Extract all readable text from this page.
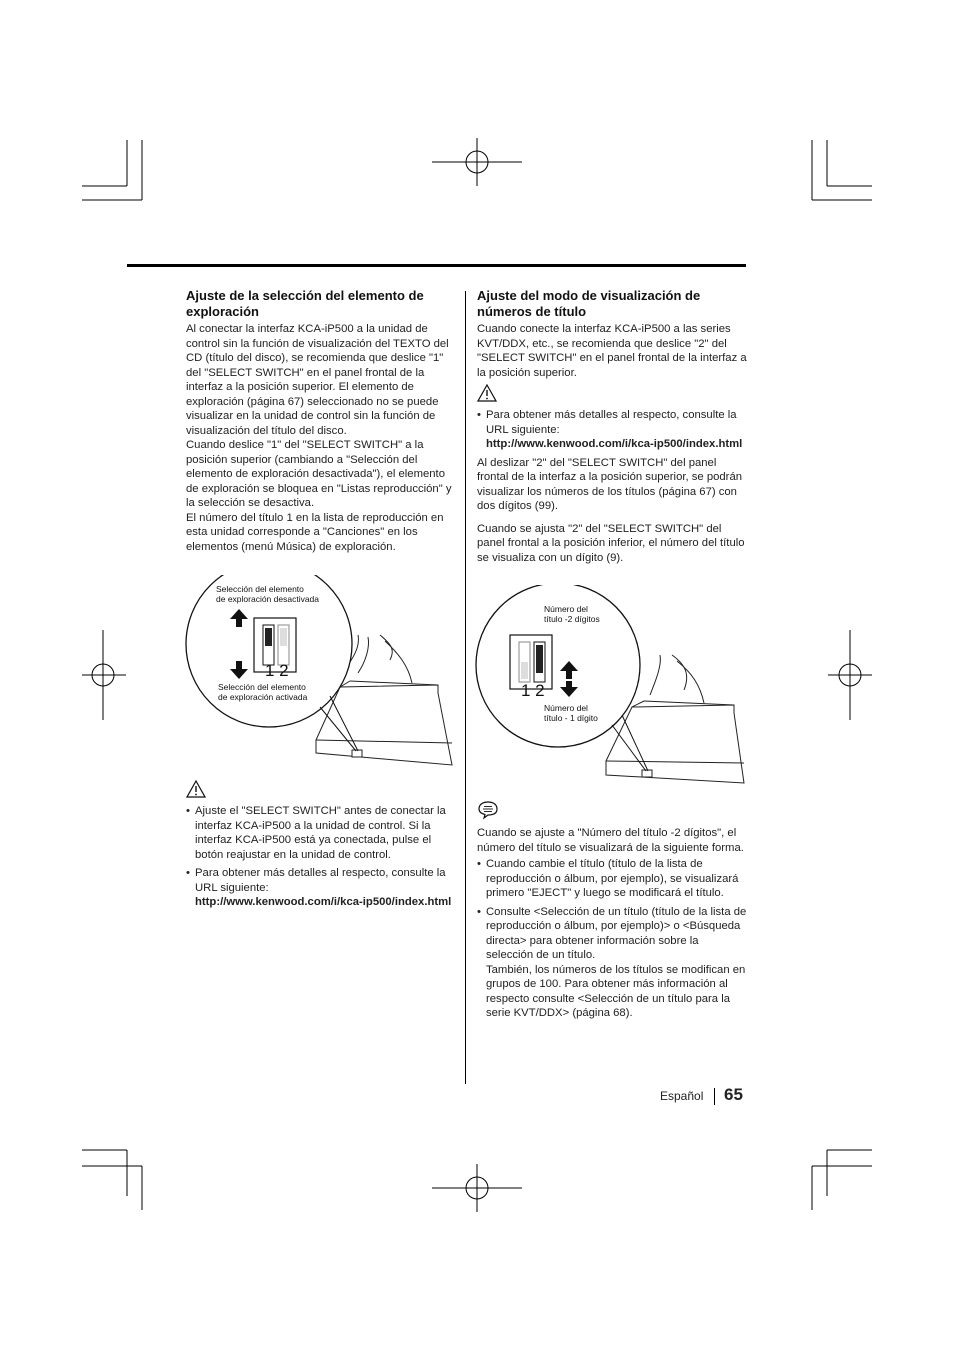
Ajuste de la selección del elemento de exploración

Al conectar la interfaz KCA-iP500 a la unidad de control sin la función de visualización del TEXTO del CD (título del disco), se recomienda que deslice "1" del "SELECT SWITCH" en el panel frontal de la interfaz a la posición superior. El elemento de exploración (página 67) seleccionado no se puede visualizar en la unidad de control sin la función de visualización del título del disco.

Cuando deslice "1" del "SELECT SWITCH" a la posición superior (cambiando a "Selección del elemento de exploración desactivada"), el elemento de exploración se bloquea en "Listas reproducción" y la selección se desactiva.

El número del título 1 en la lista de reproducción en esta unidad corresponde a "Canciones" en los elementos (menú Música) de exploración.

Selección del elemento
de exploración desactivada
Selección del elemento
de exploración activada
1 2
• Ajuste el "SELECT SWITCH" antes de conectar la interfaz KCA-iP500 a la unidad de control. Si la interfaz KCA-iP500 está ya conectada, pulse el botón reajustar en la unidad de control.
• Para obtener más detalles al respecto, consulte la URL siguiente:
http://www.kenwood.com/i/kca-ip500/index.html
Ajuste del modo de visualización de números de título

Cuando conecte la interfaz KCA-iP500 a las series KVT/DDX, etc., se recomienda que deslice "2" del "SELECT SWITCH" en el panel frontal de la interfaz a la posición superior.

• Para obtener más detalles al respecto, consulte la URL siguiente:
http://www.kenwood.com/i/kca-ip500/index.html

Al deslizar "2" del "SELECT SWITCH" del panel frontal de la interfaz a la posición superior, se podrán visualizar los números de los títulos (página 67) con dos dígitos (99).

Cuando se ajusta "2" del "SELECT SWITCH" del panel frontal a la posición inferior, el número del título se visualiza con un dígito (9).

Número del
título -2 dígitos
Número del
título - 1 dígito
1 2

Cuando se ajuste a "Número del título -2 dígitos", el número del título se visualizará de la siguiente forma.

• Cuando cambie el título (título de la lista de reproducción o álbum, por ejemplo), se visualizará primero "EJECT" y luego se modificará el título.
• Consulte <Selección de un título (título de la lista de reproducción o álbum, por ejemplo)> o <Búsqueda directa> para obtener información sobre la selección de un título.
También, los números de los títulos se modifican en grupos de 100. Para obtener más información al respecto consulte <Selección de un título para la serie KVT/DDX> (página 68).
Español 65
